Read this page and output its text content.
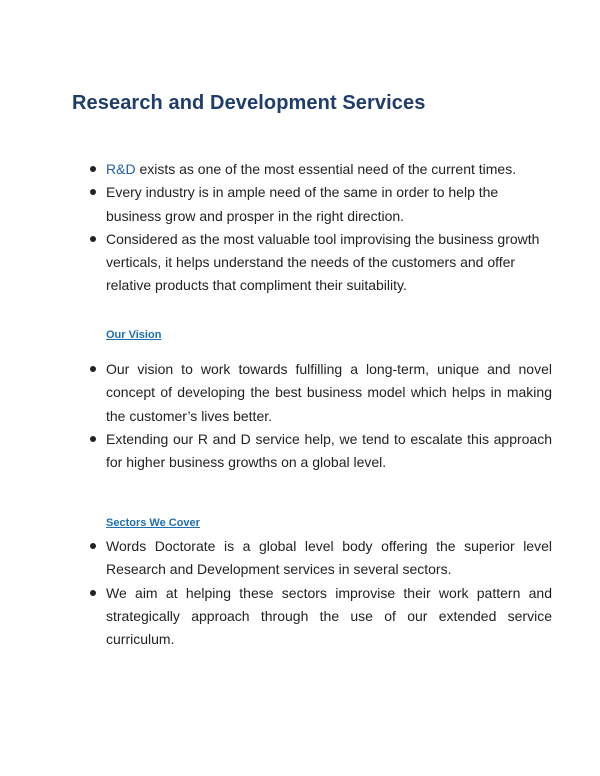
Research and Development Services
R&D exists as one of the most essential need of the current times.
Every industry is in ample need of the same in order to help the business grow and prosper in the right direction.
Considered as the most valuable tool improvising the business growth verticals, it helps understand the needs of the customers and offer relative products that compliment their suitability.
Our Vision
Our vision to work towards fulfilling a long-term, unique and novel concept of developing the best business model which helps in making the customer’s lives better.
Extending our R and D service help, we tend to escalate this approach for higher business growths on a global level.
Sectors We Cover
Words Doctorate is a global level body offering the superior level Research and Development services in several sectors.
We aim at helping these sectors improvise their work pattern and strategically approach through the use of our extended service curriculum.
